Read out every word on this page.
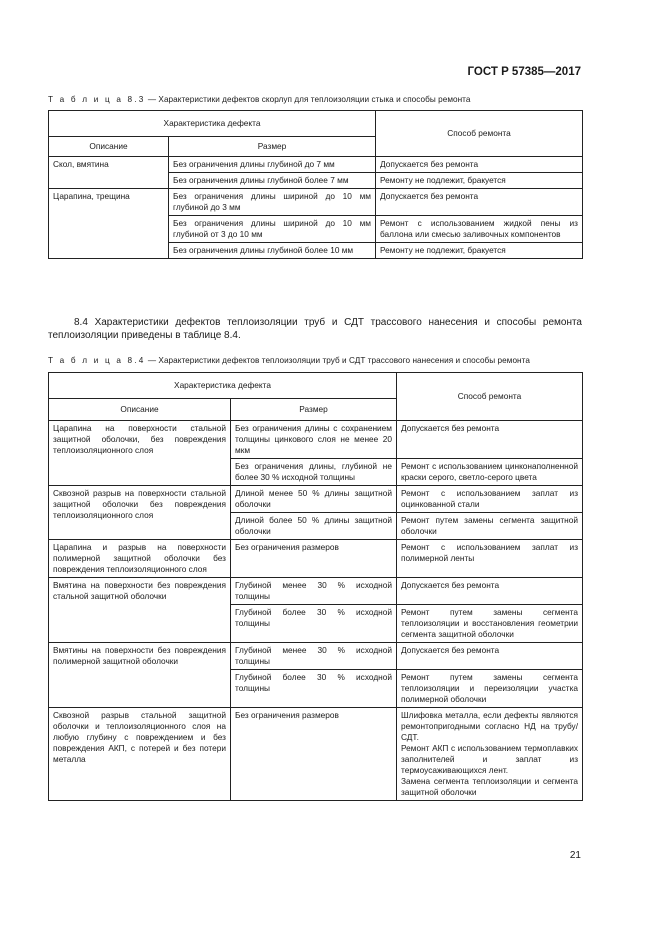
ГОСТ Р 57385—2017
Т а б л и ц а 8.3 — Характеристики дефектов скорлуп для теплоизоляции стыка и способы ремонта
Характеристика дефекта		Способ ремонта
Описание	Размер	
Скол, вмятина	Без ограничения длины глубиной до 7 мм	Допускается без ремонта
	Без ограничения длины глубиной более 7 мм	Ремонту не подлежит, бракуется
Царапина, трещина	Без ограничения длины шириной до 10 мм глубиной до 3 мм	Допускается без ремонта
	Без ограничения длины шириной до 10 мм глубиной от 3 до 10 мм	Ремонт с использованием жидкой пены из баллона или смесью заливочных компонентов
	Без ограничения длины глубиной более 10 мм	Ремонту не подлежит, бракуется
8.4 Характеристики дефектов теплоизоляции труб и СДТ трассового нанесения и способы ремонта теплоизоляции приведены в таблице 8.4.
Т а б л и ц а 8.4 — Характеристики дефектов теплоизоляции труб и СДТ трассового нанесения и способы ремонта
Характеристика дефекта		Способ ремонта
Описание	Размер	
Царапина на поверхности стальной защитной оболочки, без повреждения теплоизоляционного слоя	Без ограничения длины с сохранением толщины цинкового слоя не менее 20 мкм	Допускается без ремонта
	Без ограничения длины, глубиной не более 30 % исходной толщины	Ремонт с использованием цинконаполненной краски серого, светло-серого цвета
Сквозной разрыв на поверхности стальной защитной оболочки без повреждения теплоизоляционного слоя	Длиной менее 50 % длины защитной оболочки	Ремонт с использованием заплат из оцинкованной стали
	Длиной более 50 % длины защитной оболочки	Ремонт путем замены сегмента защитной оболочки
Царапина и разрыв на поверхности полимерной защитной оболочки без повреждения теплоизоляционного слоя	Без ограничения размеров	Ремонт с использованием заплат из полимерной ленты
Вмятина на поверхности без повреждения стальной защитной оболочки	Глубиной менее 30 % исходной толщины	Допускается без ремонта
	Глубиной более 30 % исходной толщины	Ремонт путем замены сегмента теплоизоляции и восстановления геометрии сегмента защитной оболочки
Вмятины на поверхности без повреждения полимерной защитной оболочки	Глубиной менее 30 % исходной толщины	Допускается без ремонта
	Глубиной более 30 % исходной толщины	Ремонт путем замены сегмента теплоизоляции и переизоляции участка полимерной оболочки
Сквозной разрыв стальной защитной оболочки и теплоизоляционного слоя на любую глубину с повреждением и без повреждения АКП, с потерей и без потери металла	Без ограничения размеров	Шлифовка металла, если дефекты являются ремонтопригодными согласно НД на трубу/СДТ.
Ремонт АКП с использованием термоплавких заполнителей и заплат из термоусаживающихся лент.
Замена сегмента теплоизоляции и сегмента защитной оболочки
21
